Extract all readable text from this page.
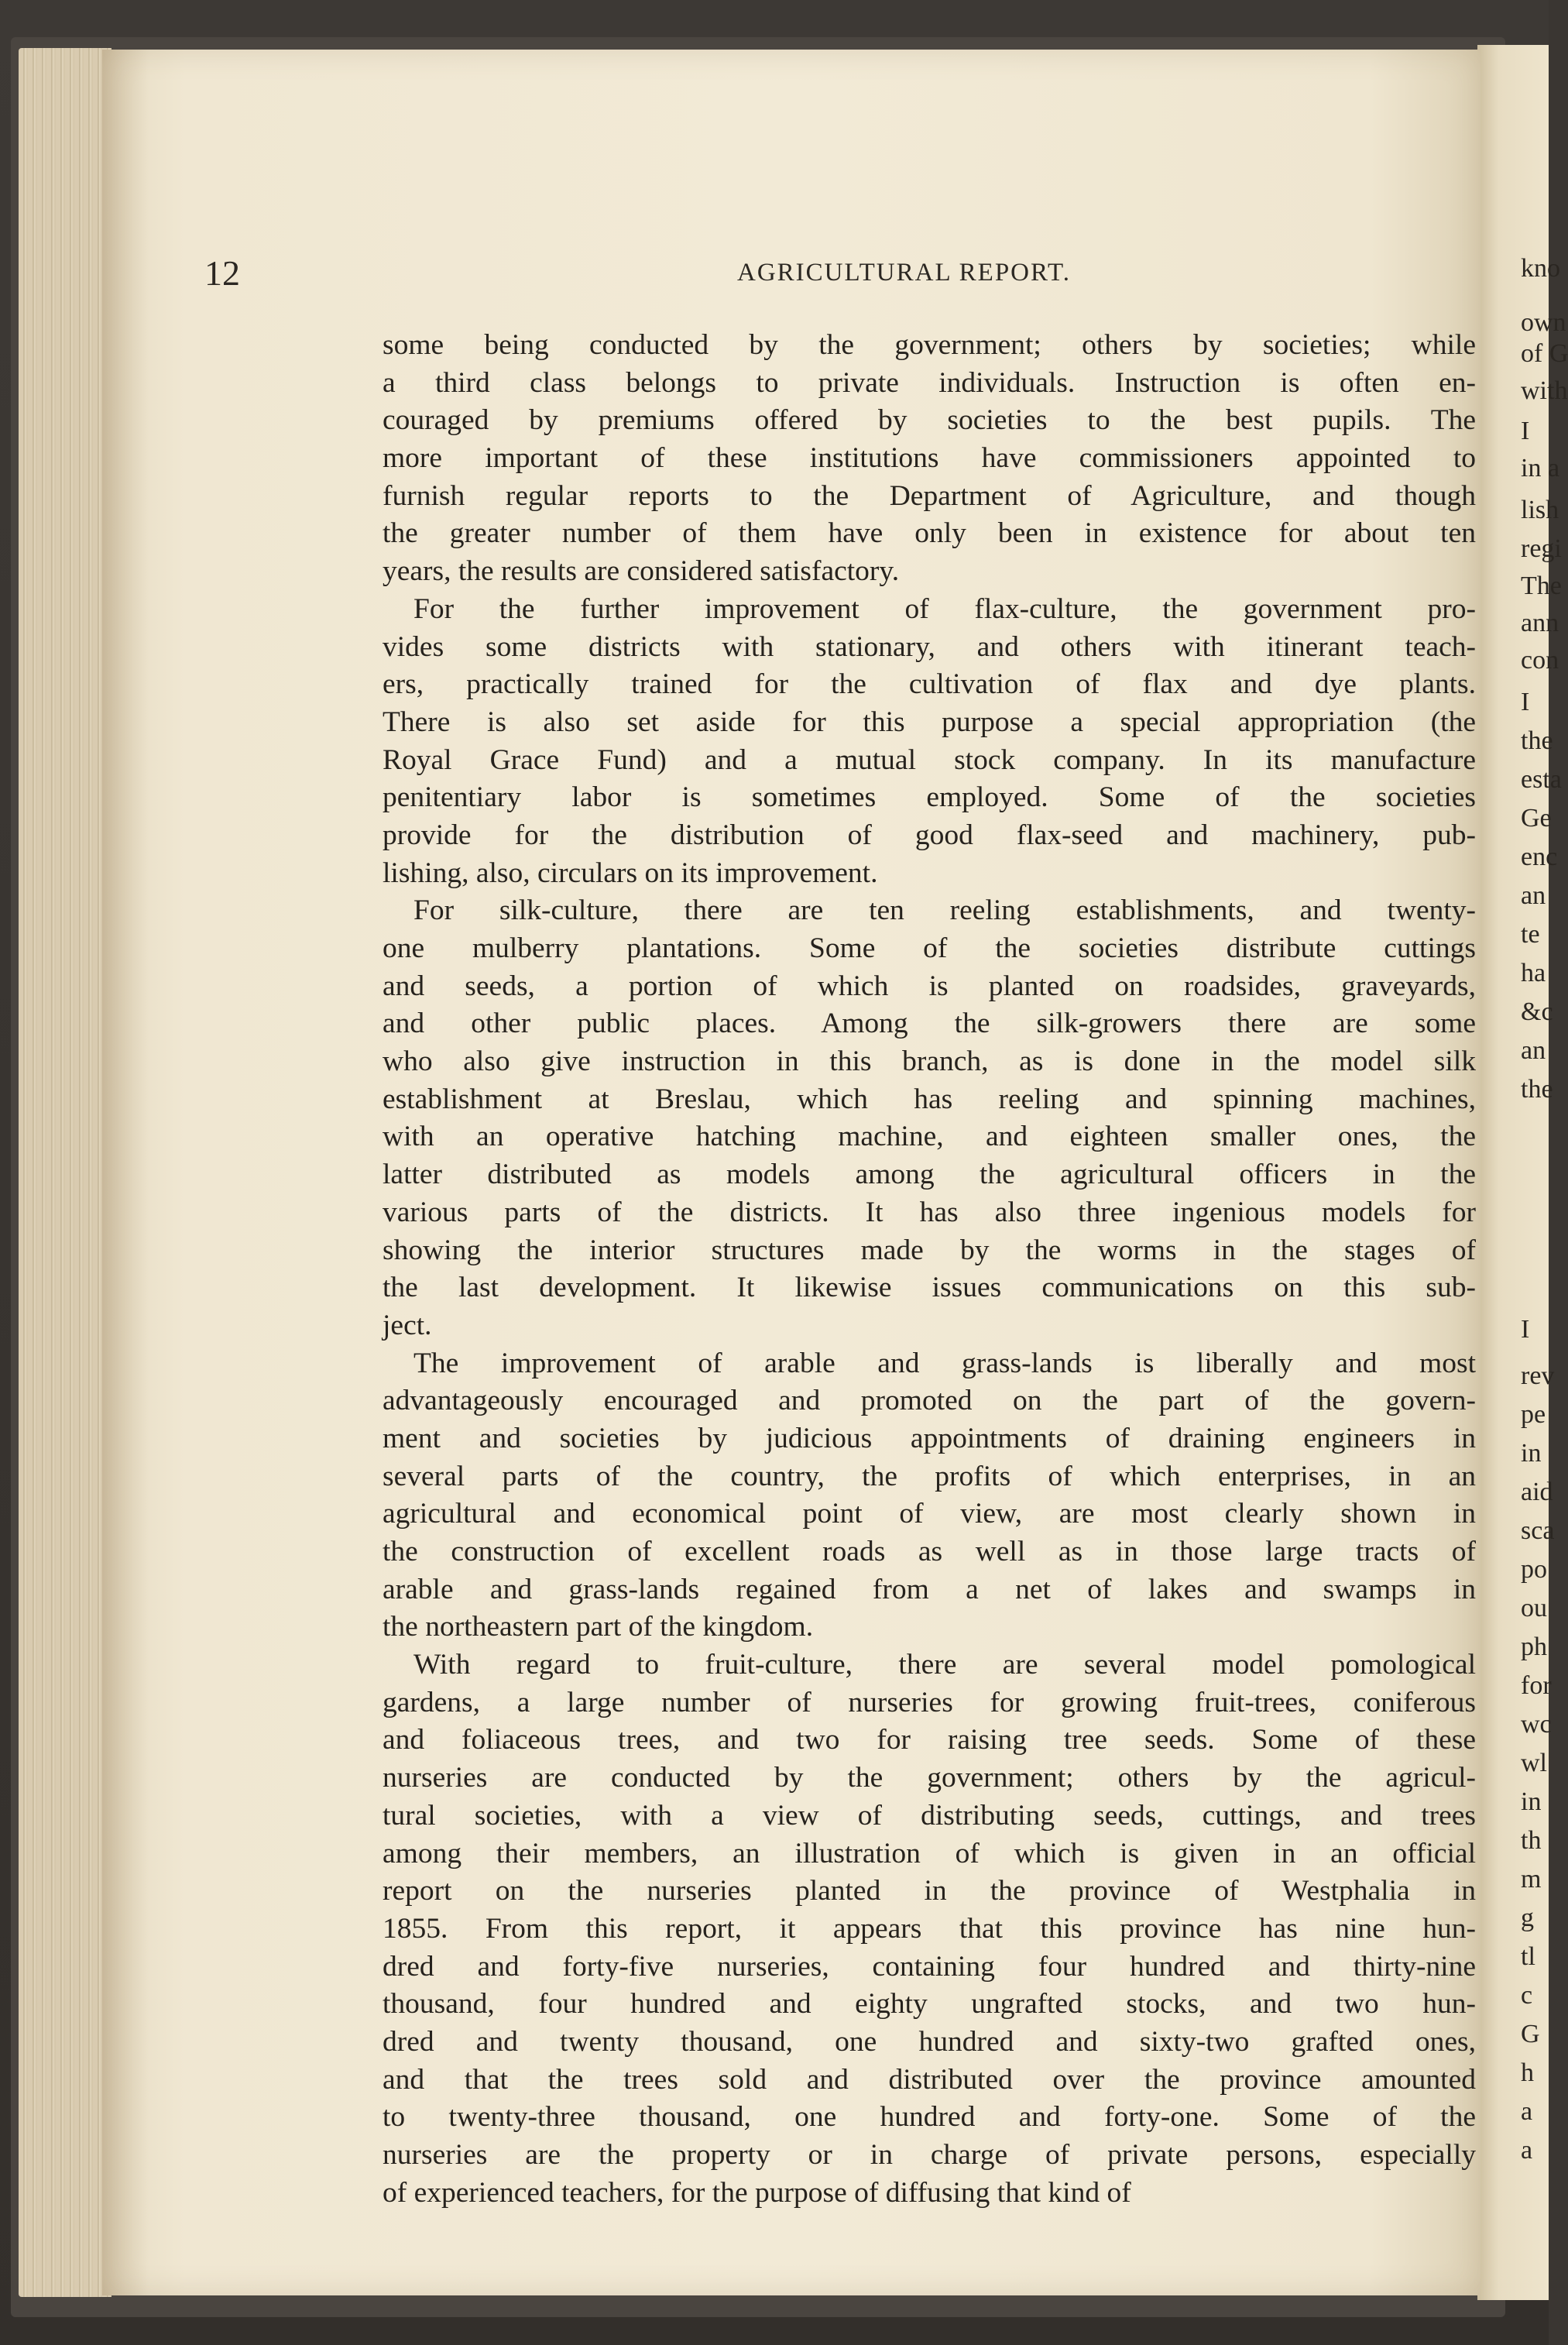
kno
own
of G
with
I
in a
lish
regi
The
ann
con
I
the
esta
Ge
enc
an
te
ha
&c
an
the
I
rev
pe
in
aid
sca
po
ou
ph
for
wc
wl
in
th
m
g
tl
c
G
h
a
a
12	AGRICULTURAL REPORT.
some being conducted by the government; others by societies; while
a third class belongs to private individuals. Instruction is often en-
couraged by premiums offered by societies to the best pupils. The
more important of these institutions have commissioners appointed to
furnish regular reports to the Department of Agriculture, and though
the greater number of them have only been in existence for about ten
years, the results are considered satisfactory.
For the further improvement of flax-culture, the government pro-
vides some districts with stationary, and others with itinerant teach-
ers, practically trained for the cultivation of flax and dye plants.
There is also set aside for this purpose a special appropriation (the
Royal Grace Fund) and a mutual stock company. In its manufacture
penitentiary labor is sometimes employed. Some of the societies
provide for the distribution of good flax-seed and machinery, pub-
lishing, also, circulars on its improvement.
For silk-culture, there are ten reeling establishments, and twenty-
one mulberry plantations. Some of the societies distribute cuttings
and seeds, a portion of which is planted on roadsides, graveyards,
and other public places. Among the silk-growers there are some
who also give instruction in this branch, as is done in the model silk
establishment at Breslau, which has reeling and spinning machines,
with an operative hatching machine, and eighteen smaller ones, the
latter distributed as models among the agricultural officers in the
various parts of the districts. It has also three ingenious models for
showing the interior structures made by the worms in the stages of
the last development. It likewise issues communications on this sub-
ject.
The improvement of arable and grass-lands is liberally and most
advantageously encouraged and promoted on the part of the govern-
ment and societies by judicious appointments of draining engineers in
several parts of the country, the profits of which enterprises, in an
agricultural and economical point of view, are most clearly shown in
the construction of excellent roads as well as in those large tracts of
arable and grass-lands regained from a net of lakes and swamps in
the northeastern part of the kingdom.
With regard to fruit-culture, there are several model pomological
gardens, a large number of nurseries for growing fruit-trees, coniferous
and foliaceous trees, and two for raising tree seeds. Some of these
nurseries are conducted by the government; others by the agricul-
tural societies, with a view of distributing seeds, cuttings, and trees
among their members, an illustration of which is given in an official
report on the nurseries planted in the province of Westphalia in
1855. From this report, it appears that this province has nine hun-
dred and forty-five nurseries, containing four hundred and thirty-nine
thousand, four hundred and eighty ungrafted stocks, and two hun-
dred and twenty thousand, one hundred and sixty-two grafted ones,
and that the trees sold and distributed over the province amounted
to twenty-three thousand, one hundred and forty-one. Some of the
nurseries are the property or in charge of private persons, especially
of experienced teachers, for the purpose of diffusing that kind of
